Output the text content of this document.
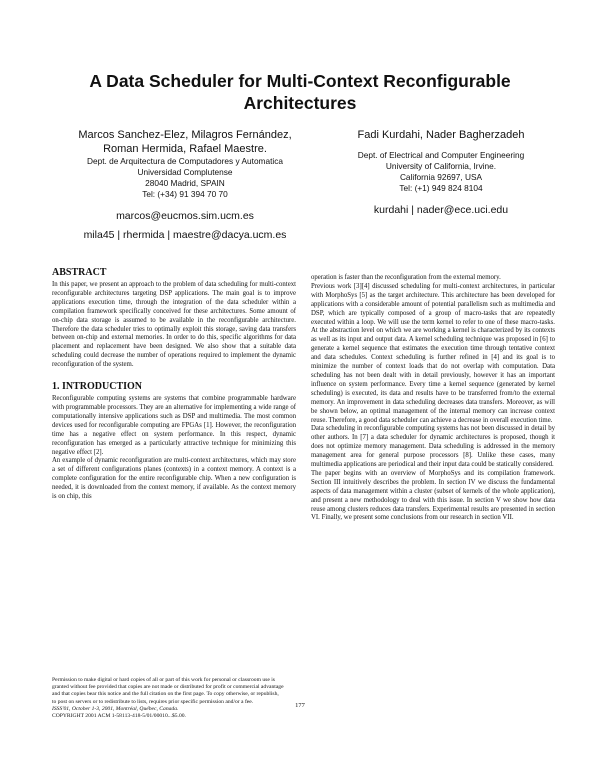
A Data Scheduler for Multi-Context Reconfigurable Architectures
Marcos Sanchez-Elez, Milagros Fernández,
Roman Hermida, Rafael Maestre.
Dept. de Arquitectura de Computadores y Automatica
Universidad Complutense
28040 Madrid, SPAIN
Tel: (+34) 91 394 70 70
marcos@eucmos.sim.ucm.es
mila45 | rhermida | maestre@dacya.ucm.es
Fadi Kurdahi, Nader Bagherzadeh
Dept. of Electrical and Computer Engineering
University of California, Irvine.
California 92697, USA
Tel: (+1) 949 824 8104
kurdahi | nader@ece.uci.edu
ABSTRACT

In this paper, we present an approach to the problem of data scheduling for multi-context reconfigurable architectures targeting DSP applications. The main goal is to improve applications execution time, through the integration of the data scheduler within a compilation framework specifically conceived for these architectures. Some amount of on-chip data storage is assumed to be available in the reconfigurable architecture. Therefore the data scheduler tries to optimally exploit this storage, saving data transfers between on-chip and external memories. In order to do this, specific algorithms for data placement and replacement have been designed. We also show that a suitable data scheduling could decrease the number of operations required to implement the dynamic reconfiguration of the system.

1. INTRODUCTION

Reconfigurable computing systems are systems that combine programmable hardware with programmable processors. They are an alternative for implementing a wide range of computationally intensive applications such as DSP and multimedia. The most common devices used for reconfigurable computing are FPGAs [1]. However, the reconfiguration time has a negative effect on system performance. In this respect, dynamic reconfiguration has emerged as a particularly attractive technique for minimizing this negative effect [2].

An example of dynamic reconfiguration are multi-context architectures, which may store a set of different configurations planes (contexts) in a context memory. A context is a complete configuration for the entire reconfigurable chip. When a new configuration is needed, it is downloaded from the context memory, if available. As the context memory is on chip, this

operation is faster than the reconfiguration from the external memory.

Previous work [3][4] discussed scheduling for multi-context architectures, in particular with MorphoSys [5] as the target architecture. This architecture has been developed for applications with a considerable amount of potential parallelism such as multimedia and DSP, which are typically composed of a group of macro-tasks that are repeatedly executed within a loop. We will use the term kernel to refer to one of these macro-tasks. At the abstraction level on which we are working a kernel is characterized by its contexts as well as its input and output data. A kernel scheduling technique was proposed in [6] to generate a kernel sequence that estimates the execution time through tentative context and data schedules. Context scheduling is further refined in [4] and its goal is to minimize the number of context loads that do not overlap with computation. Data scheduling has not been dealt with in detail previously, however it has an important influence on system performance. Every time a kernel sequence (generated by kernel scheduling) is executed, its data and results have to be transferred from/to the external memory. An improvement in data scheduling decreases data transfers. Moreover, as will be shown below, an optimal management of the internal memory can increase context reuse. Therefore, a good data scheduler can achieve a decrease in overall execution time.

Data scheduling in reconfigurable computing systems has not been discussed in detail by other authors. In [7] a data scheduler for dynamic architectures is proposed, though it does not optimize memory management. Data scheduling is addressed in the memory management area for general purpose processors [8]. Unlike these cases, many multimedia applications are periodical and their input data could be statically considered.

The paper begins with an overview of MorphoSys and its compilation framework. Section III intuitively describes the problem. In section IV we discuss the fundamental aspects of data management within a cluster (subset of kernels of the whole application), and present a new methodology to deal with this issue. In section V we show how data reuse among clusters reduces data transfers. Experimental results are presented in section VI. Finally, we present some conclusions from our research in section VII.

Permission to make digital or hard copies of all or part of this work for personal or classroom use is granted without fee provided that copies are not made or distributed for profit or commercial advantage and that copies bear this notice and the full citation on the first page. To copy otherwise, or republish, to post on servers or to redistribute to lists, requires prior specific permission and/or a fee.

ISSS'01, October 1-3, 2001, Montréal, Québec, Canada.

COPYRIGHT 2001 ACM 1-58113-418-5/01/00010...$5.00.

177
